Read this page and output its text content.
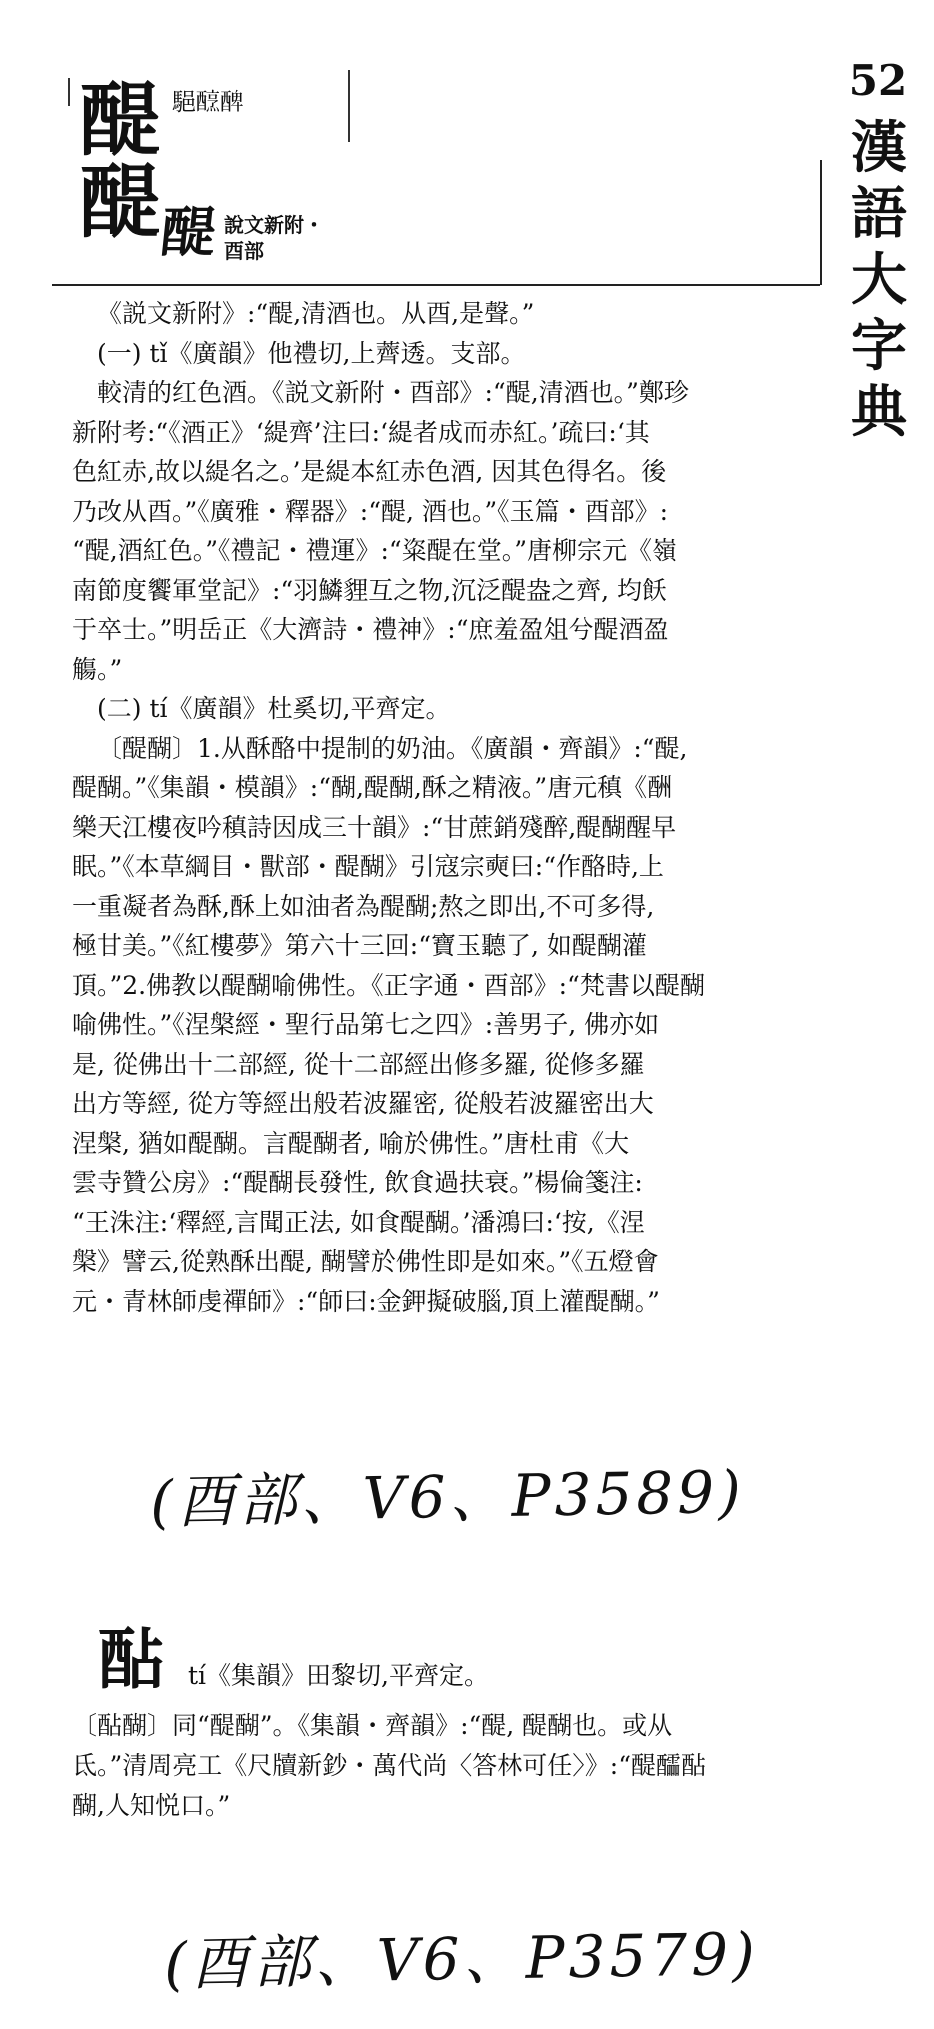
52
漢
語
大
字
典
醍 䣖𨢶𨡕
醍
醍 說文新附・
酉部

《説文新附》:“醍,清酒也。从酉,是聲。”

(一) tǐ《廣韻》他禮切,上薺透。支部。

較清的红色酒。《説文新附・酉部》:“醍,清酒也。”鄭珍

新附考:“《酒正》‘緹齊’注曰:‘緹者成而赤紅。’疏曰:‘其

色紅赤,故以緹名之。’是緹本紅赤色酒, 因其色得名。後

乃改从酉。”《廣雅・釋器》:“醍, 酒也。”《玉篇・酉部》:

“醍,酒紅色。”《禮記・禮運》:“粢醍在堂。”唐柳宗元《嶺

南節度饗軍堂記》:“羽鱗貍互之物,沉泛醍盎之齊, 均飫

于卒士。”明岳正《大濟詩・禮神》:“庶羞盈俎兮醍酒盈

觴。”

(二) tí《廣韻》杜奚切,平齊定。

〔醍醐〕1.从酥酪中提制的奶油。《廣韻・齊韻》:“醍,

醍醐。”《集韻・模韻》:“醐,醍醐,酥之精液。”唐元稹《酬

樂天江樓夜吟稹詩因成三十韻》:“甘蔗銷殘醉,醍醐醒早

眠。”《本草綱目・獸部・醍醐》引寇宗奭曰:“作酪時,上

一重凝者為酥,酥上如油者為醍醐;熬之即出,不可多得,

極甘美。”《紅樓夢》第六十三回:“寶玉聽了, 如醍醐灌

頂。”2.佛教以醍醐喻佛性。《正字通・酉部》:“梵書以醍醐

喻佛性。”《涅槃經・聖行品第七之四》:善男子, 佛亦如

是, 從佛出十二部經, 從十二部經出修多羅, 從修多羅

出方等經, 從方等經出般若波羅密, 從般若波羅密出大

涅槃, 猶如醍醐。言醍醐者, 喻於佛性。”唐杜甫《大

雲寺贊公房》:“醍醐長發性, 飲食過扶衰。”楊倫箋注:

“王洙注:‘釋經,言聞正法, 如食醍醐。’潘鴻曰:‘按,《涅

槃》譬云,從熟酥出醍, 醐譬於佛性即是如來。”《五燈會

元・青林師虔禪師》:“師曰:金鉀擬破腦,頂上灌醍醐。”

(酉部、V6、P3589)
酟 tí《集韻》田黎切,平齊定。

〔酟醐〕同“醍醐”。《集韻・齊韻》:“醍, 醍醐也。或从

氐。”清周亮工《尺牘新鈔・萬代尚〈答林可任〉》:“醍醽酟

醐,人知悦口。”

(酉部、V6、P3579)
